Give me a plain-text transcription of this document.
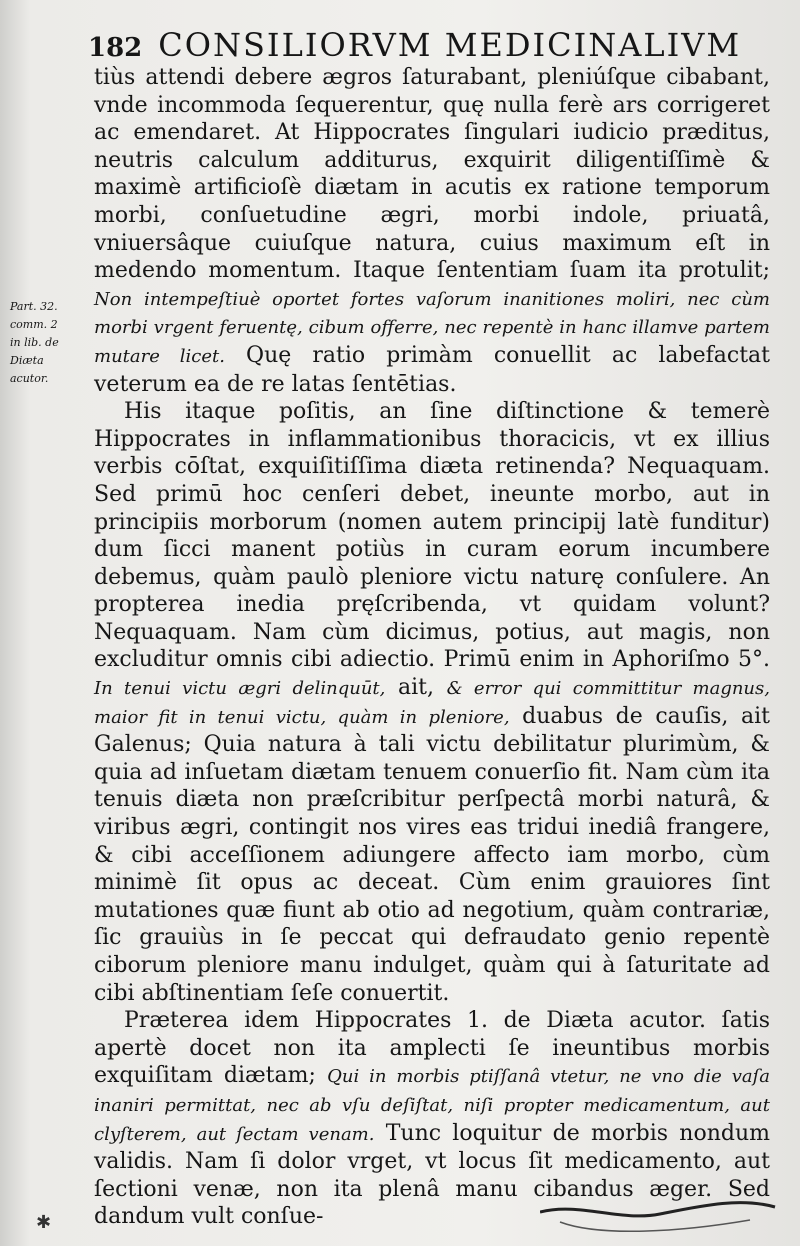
182 CONSILIORVM MEDICINALIVM
Part. 32.
comm. 2
in lib. de
Diæta
acutor.

tiùs attendi debere ægros ſaturabant, pleniúſque cibabant, vnde incommoda ſequerentur, quę nulla ferè ars corrigeret ac emendaret. At Hippocrates ſingulari iudicio præditus, neutris calculum additurus, exquirit diligentiſſimè & maximè artificioſè diætam in acutis ex ratione temporum morbi, conſuetudine ægri, morbi indole, priuatâ, vniuersâque cuiuſque natura, cuius maximum eſt in medendo momentum. Itaque ſententiam ſuam ita protulit; Non intempeſtiuè oportet fortes vaſorum inanitiones moliri, nec cùm morbi vrgent feruentę, cibum offerre, nec repentè in hanc illamve partem mutare licet. Quę ratio primàm conuellit ac labefactat veterum ea de re latas ſentētias.

His itaque poſitis, an ſine diſtinctione & temerè Hippocrates in inflammationibus thoracicis, vt ex illius verbis cōſtat, exquiſitiſſima diæta retinenda? Nequaquam. Sed primū hoc cenſeri debet, ineunte morbo, aut in principiis morborum (nomen autem principij latè funditur) dum ſicci manent potiùs in curam eorum incumbere debemus, quàm paulò pleniore victu naturę conſulere. An propterea inedia pręſcribenda, vt quidam volunt? Nequaquam. Nam cùm dicimus, potius, aut magis, non excluditur omnis cibi adiectio. Primū enim in Aphoriſmo 5°. In tenui victu ægri delinquūt, ait, & error qui committitur magnus, maior fit in tenui victu, quàm in pleniore, duabus de cauſis, ait Galenus; Quia natura à tali victu debilitatur plurimùm, & quia ad inſuetam diætam tenuem conuerſio fit. Nam cùm ita tenuis diæta non præſcribitur perſpectâ morbi naturâ, & viribus ægri, contingit nos vires eas tridui inediâ frangere, & cibi acceſſionem adiungere affecto iam morbo, cùm minimè ſit opus ac deceat. Cùm enim grauiores ſint mutationes quæ fiunt ab otio ad negotium, quàm contrariæ, ſic grauiùs in ſe peccat qui defraudato genio repentè ciborum pleniore manu indulget, quàm qui à ſaturitate ad cibi abſtinentiam ſeſe conuertit.

Præterea idem Hippocrates 1. de Diæta acutor. ſatis apertè docet non ita amplecti ſe ineuntibus morbis exquiſitam diætam; Qui in morbis ptiſſanâ vtetur, ne vno die vaſa inaniri permittat, nec ab vſu deſiſtat, niſi propter medicamentum, aut clyſterem, aut ſectam venam. Tunc loquitur de morbis nondum validis. Nam ſi dolor vrget, vt locus ſit medicamento, aut ſectioni venæ, non ita plenâ manu cibandus æger. Sed dandum vult conſue-

✱
